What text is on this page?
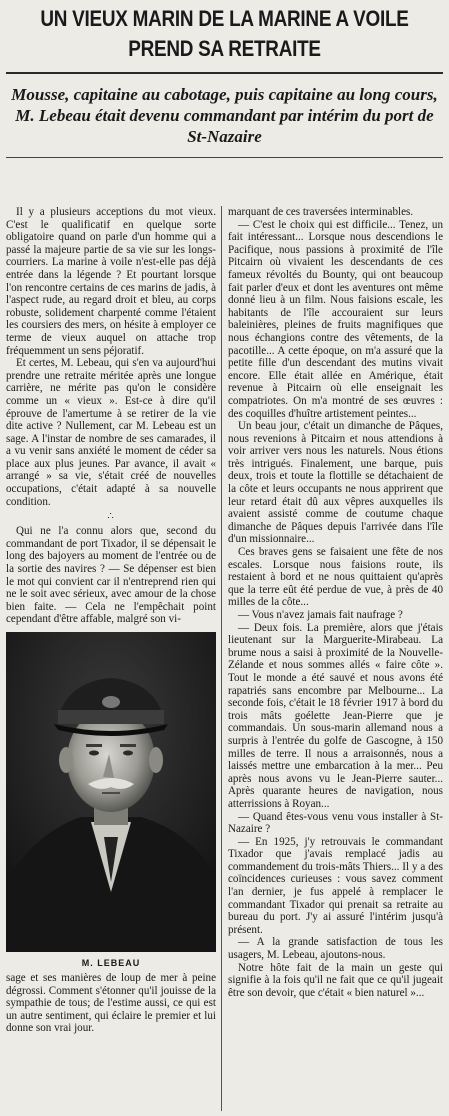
UN VIEUX MARIN DE LA MARINE A VOILE
PREND SA RETRAITE

Mousse, capitaine au cabotage, puis capitaine au long cours, M. Lebeau était devenu commandant par intérim du port de St-Nazaire

Il y a plusieurs acceptions du mot vieux. C'est le qualificatif en quelque sorte obligatoire quand on parle d'un homme qui a passé la majeure partie de sa vie sur les longs-courriers. La marine à voile n'est-elle pas déjà entrée dans la légende ? Et pourtant lorsque l'on rencontre certains de ces marins de jadis, à l'aspect rude, au regard droit et bleu, au corps robuste, solidement charpenté comme l'étaient les coursiers des mers, on hésite à employer ce terme de vieux auquel on attache trop fréquemment un sens péjoratif.

Et certes, M. Lebeau, qui s'en va aujourd'hui prendre une retraite méritée après une longue carrière, ne mérite pas qu'on le considère comme un « vieux ». Est-ce à dire qu'il éprouve de l'amertume à se retirer de la vie dite active ? Nullement, car M. Lebeau est un sage. A l'instar de nombre de ses camarades, il a vu venir sans anxiété le moment de céder sa place aux plus jeunes. Par avance, il avait « arrangé » sa vie, s'était créé de nouvelles occupations, c'était adapté à sa nouvelle condition.

∴

Qui ne l'a connu alors que, second du commandant de port Tixador, il se dépensait le long des bajoyers au moment de l'entrée ou de la sortie des navires ? — Se dépenser est bien le mot qui convient car il n'entreprend rien qui ne le soit avec sérieux, avec amour de la chose bien faite. — Cela ne l'empêchait point cependant d'être affable, malgré son vi-

M. LEBEAU

sage et ses manières de loup de mer à peine dégrossi. Comment s'étonner qu'il jouisse de la sympathie de tous; de l'estime aussi, ce qui est un autre sentiment, qui éclaire le premier et lui donne son vrai jour.

marquant de ces traversées interminables.

— C'est le choix qui est difficile... Tenez, un fait intéressant... Lorsque nous descendions le Pacifique, nous passions à proximité de l'île Pitcairn où vivaient les descendants de ces fameux révoltés du Bounty, qui ont beaucoup fait parler d'eux et dont les aventures ont même donné lieu à un film. Nous faisions escale, les habitants de l'île accouraient sur leurs baleinières, pleines de fruits magnifiques que nous échangions contre des vêtements, de la pacotille... A cette époque, on m'a assuré que la petite fille d'un descendant des mutins vivait encore. Elle était allée en Amérique, était revenue à Pitcairn où elle enseignait les compatriotes. On m'a montré de ses œuvres : des coquilles d'huître artistement peintes...

Un beau jour, c'était un dimanche de Pâques, nous revenions à Pitcairn et nous attendions à voir arriver vers nous les naturels. Nous étions très intrigués. Finalement, une barque, puis deux, trois et toute la flottille se détachaient de la côte et leurs occupants ne nous apprirent que leur retard était dû aux vêpres auxquelles ils avaient assisté comme de coutume chaque dimanche de Pâques depuis l'arrivée dans l'île d'un missionnaire...

Ces braves gens se faisaient une fête de nos escales. Lorsque nous faisions route, ils restaient à bord et ne nous quittaient qu'après que la terre eût été perdue de vue, à près de 40 milles de la côte...

— Vous n'avez jamais fait naufrage ?

— Deux fois. La première, alors que j'étais lieutenant sur la Marguerite-Mirabeau. La brume nous a saisi à proximité de la Nouvelle-Zélande et nous sommes allés « faire côte ». Tout le monde a été sauvé et nous avons été rapatriés sans encombre par Melbourne... La seconde fois, c'était le 18 février 1917 à bord du trois mâts goélette Jean-Pierre que je commandais. Un sous-marin allemand nous a surpris à l'entrée du golfe de Gascogne, à 150 milles de terre. Il nous a arraisonnés, nous a laissés mettre une embarcation à la mer... Peu après nous avons vu le Jean-Pierre sauter... Après quarante heures de navigation, nous atterrissions à Royan...

— Quand êtes-vous venu vous installer à St-Nazaire ?

— En 1925, j'y retrouvais le commandant Tixador que j'avais remplacé jadis au commandement du trois-mâts Thiers... Il y a des coïncidences curieuses : vous savez comment l'an dernier, je fus appelé à remplacer le commandant Tixador qui prenait sa retraite au bureau du port. J'y ai assuré l'intérim jusqu'à présent.

— A la grande satisfaction de tous les usagers, M. Lebeau, ajoutons-nous.

Notre hôte fait de la main un geste qui signifie à la fois qu'il ne fait que ce qu'il jugeait être son devoir, que c'était « bien naturel »...
